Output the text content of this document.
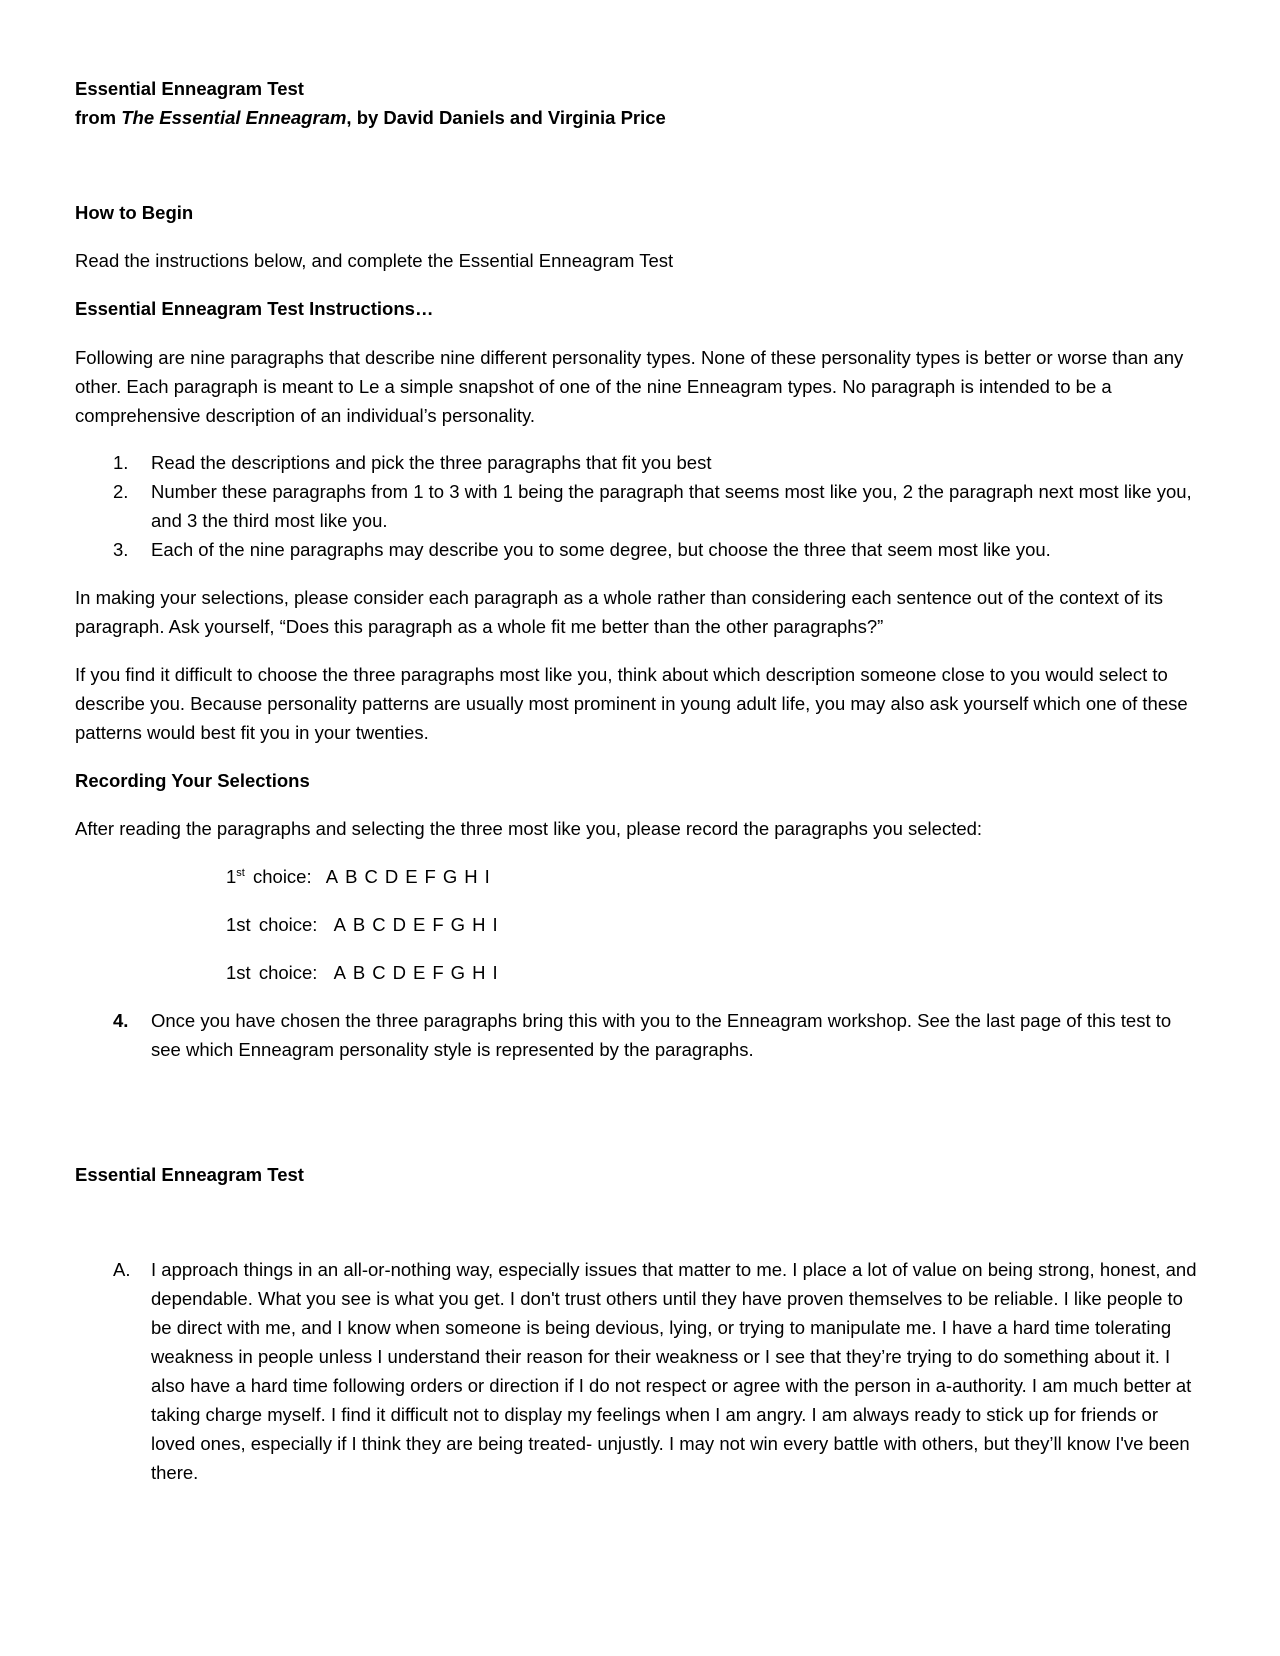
Essential Enneagram Test
from The Essential Enneagram, by David Daniels and Virginia Price
How to Begin

Read the instructions below, and complete the Essential Enneagram Test

Essential Enneagram Test Instructions…

Following are nine paragraphs that describe nine different personality types. None of these personality types is better or worse than any other. Each paragraph is meant to Le a simple snapshot of one of the nine Enneagram types. No paragraph is intended to be a comprehensive description of an individual’s personality.

1. Read the descriptions and pick the three paragraphs that fit you best
2. Number these paragraphs from 1 to 3 with 1 being the paragraph that seems most like you, 2 the paragraph next most like you, and 3 the third most like you.
3. Each of the nine paragraphs may describe you to some degree, but choose the three that seem most like you.

In making your selections, please consider each paragraph as a whole rather than considering each sentence out of the context of its paragraph. Ask yourself, “Does this paragraph as a whole fit me better than the other paragraphs?”

If you find it difficult to choose the three paragraphs most like you, think about which description someone close to you would select to describe you. Because personality patterns are usually most prominent in young adult life, you may also ask yourself which one of these patterns would best fit you in your twenties.

Recording Your Selections

After reading the paragraphs and selecting the three most like you, please record the paragraphs you selected:

1st choice: A B C D E F G H I
1st choice: A B C D E F G H I
1st choice: A B C D E F G H I
4. Once you have chosen the three paragraphs bring this with you to the Enneagram workshop. See the last page of this test to see which Enneagram personality style is represented by the paragraphs.
Essential Enneagram Test
A. I approach things in an all-or-nothing way, especially issues that matter to me. I place a lot of value on being strong, honest, and dependable. What you see is what you get. I don't trust others until they have proven themselves to be reliable. I like people to be direct with me, and I know when someone is being devious, lying, or trying to manipulate me. I have a hard time tolerating weakness in people unless I understand their reason for their weakness or I see that they’re trying to do something about it. I also have a hard time following orders or direction if I do not respect or agree with the person in a-authority. I am much better at taking charge myself. I find it difficult not to display my feelings when I am angry. I am always ready to stick up for friends or loved ones, especially if I think they are being treated- unjustly. I may not win every battle with others, but they’ll know I've been there.
